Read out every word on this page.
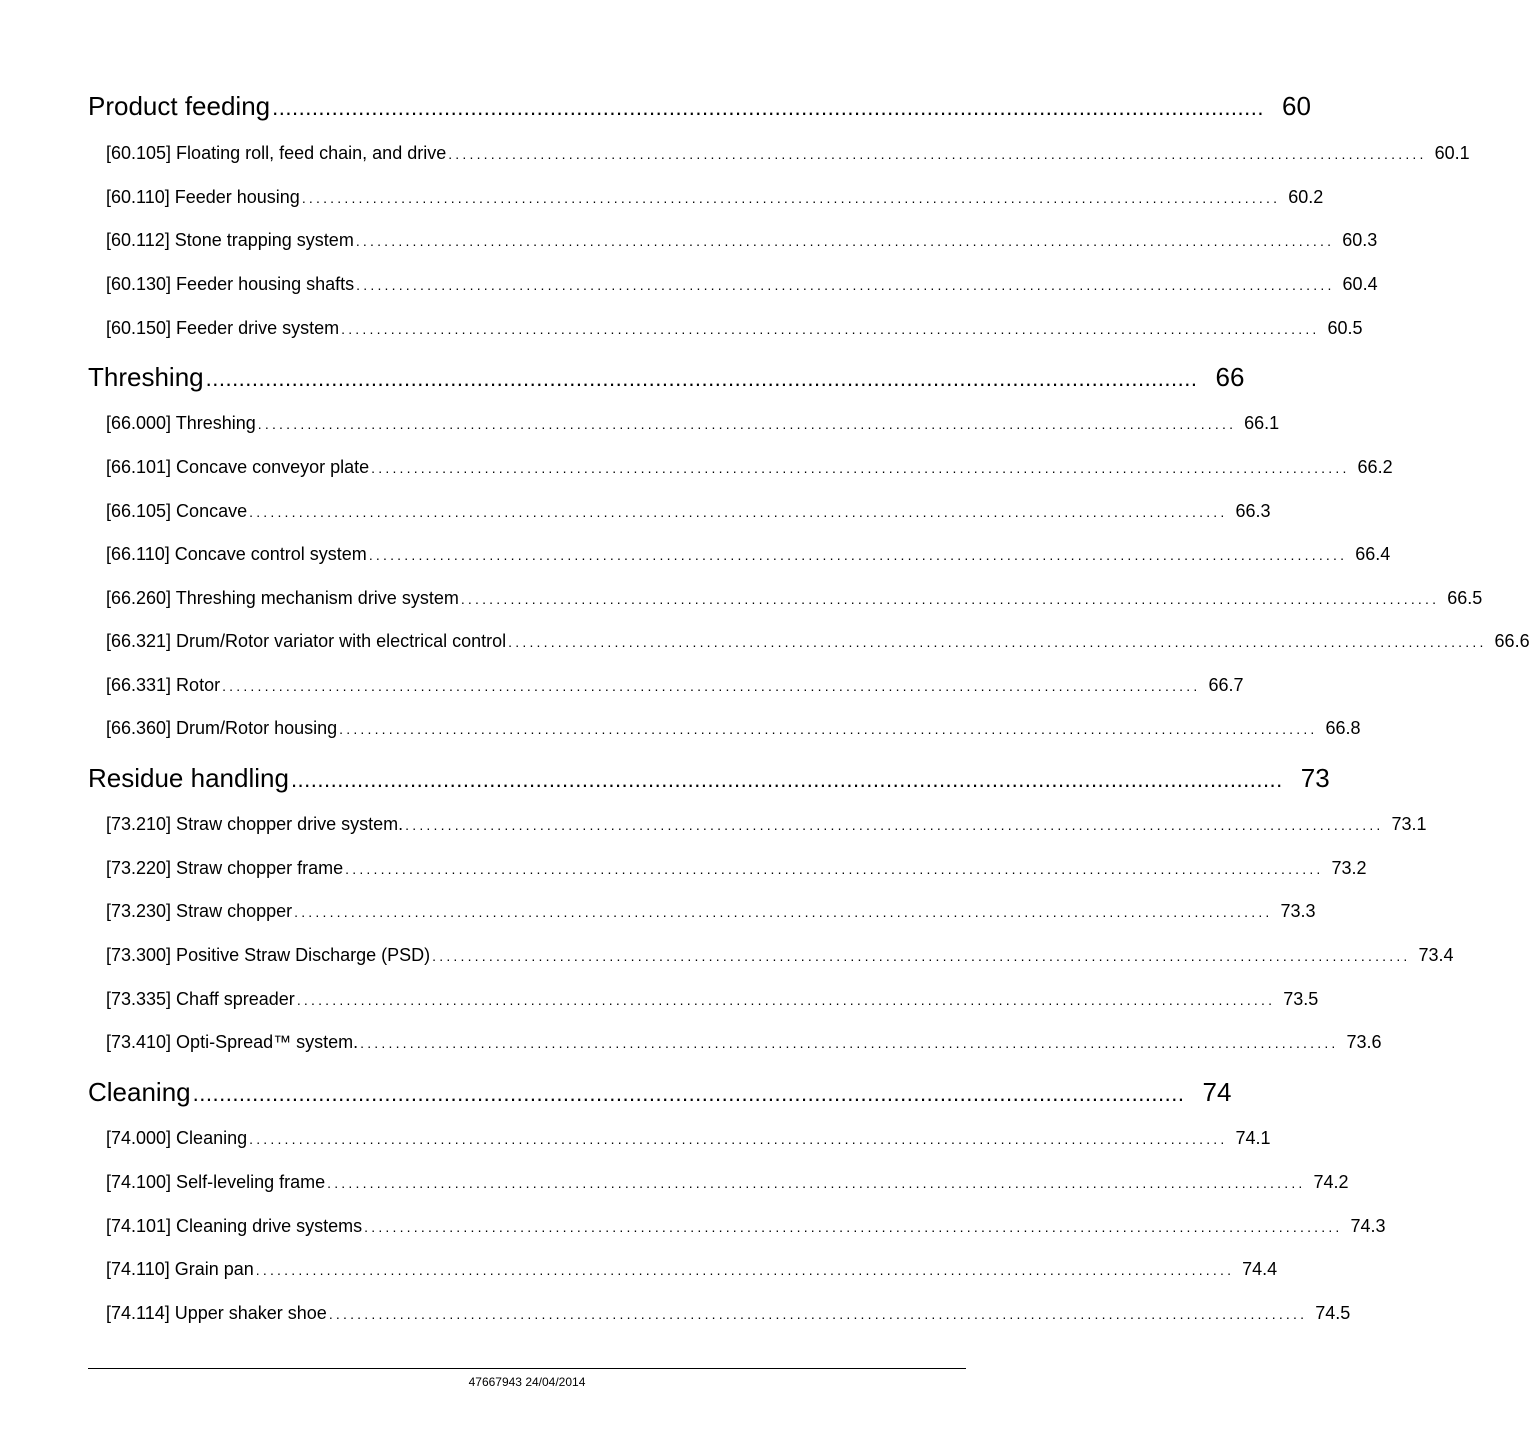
Product feeding ...................................................................................................................................................... 60
[60.105] Floating roll, feed chain, and drive .......................................................................................................................................... 60.1
[60.110] Feeder housing .......................................................................................................................................... 60.2
[60.112] Stone trapping system .......................................................................................................................................... 60.3
[60.130] Feeder housing shafts .......................................................................................................................................... 60.4
[60.150] Feeder drive system .......................................................................................................................................... 60.5
Threshing ...................................................................................................................................................... 66
[66.000] Threshing .......................................................................................................................................... 66.1
[66.101] Concave conveyor plate .......................................................................................................................................... 66.2
[66.105] Concave .......................................................................................................................................... 66.3
[66.110] Concave control system .......................................................................................................................................... 66.4
[66.260] Threshing mechanism drive system .......................................................................................................................................... 66.5
[66.321] Drum/Rotor variator with electrical control .......................................................................................................................................... 66.6
[66.331] Rotor .......................................................................................................................................... 66.7
[66.360] Drum/Rotor housing .......................................................................................................................................... 66.8
Residue handling ...................................................................................................................................................... 73
[73.210] Straw chopper drive system. .......................................................................................................................................... 73.1
[73.220] Straw chopper frame .......................................................................................................................................... 73.2
[73.230] Straw chopper .......................................................................................................................................... 73.3
[73.300] Positive Straw Discharge (PSD) .......................................................................................................................................... 73.4
[73.335] Chaff spreader .......................................................................................................................................... 73.5
[73.410] Opti-Spread™ system. .......................................................................................................................................... 73.6
Cleaning ...................................................................................................................................................... 74
[74.000] Cleaning .......................................................................................................................................... 74.1
[74.100] Self-leveling frame .......................................................................................................................................... 74.2
[74.101] Cleaning drive systems .......................................................................................................................................... 74.3
[74.110] Grain pan .......................................................................................................................................... 74.4
[74.114] Upper shaker shoe .......................................................................................................................................... 74.5
47667943 24/04/2014
